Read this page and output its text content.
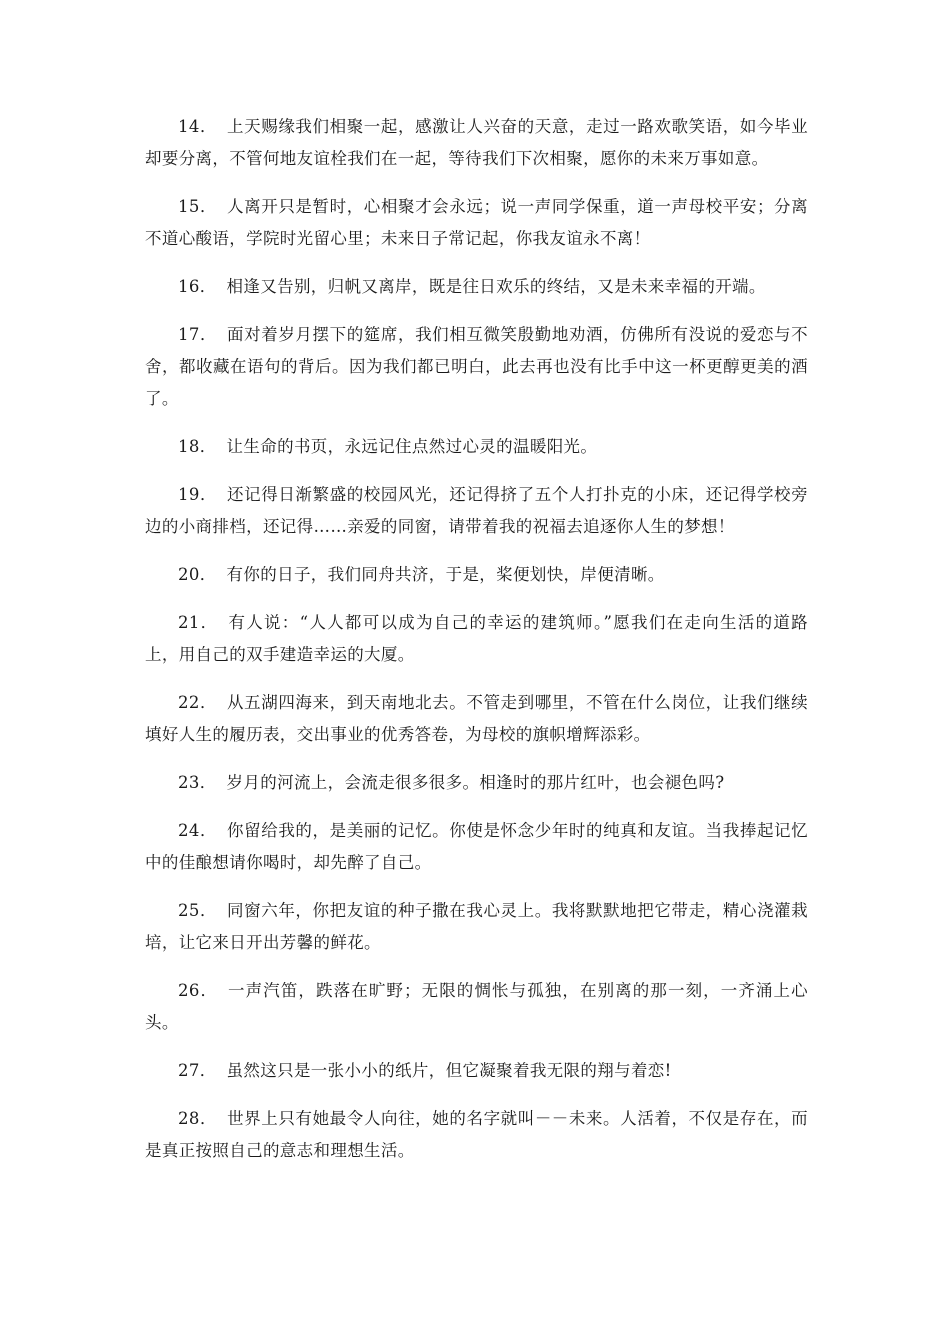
14． 上天赐缘我们相聚一起，感激让人兴奋的天意，走过一路欢歌笑语，如今毕业却要分离，不管何地友谊栓我们在一起，等待我们下次相聚，愿你的未来万事如意。

15． 人离开只是暂时，心相聚才会永远；说一声同学保重，道一声母校平安；分离不道心酸语，学院时光留心里；未来日子常记起，你我友谊永不离！

16． 相逢又告别，归帆又离岸，既是往日欢乐的终结，又是未来幸福的开端。

17． 面对着岁月摆下的筵席，我们相互微笑殷勤地劝酒，仿佛所有没说的爱恋与不舍，都收藏在语句的背后。因为我们都已明白，此去再也没有比手中这一杯更醇更美的酒了。

18． 让生命的书页，永远记住点然过心灵的温暖阳光。

19． 还记得日渐繁盛的校园风光，还记得挤了五个人打扑克的小床，还记得学校旁边的小商排档，还记得……亲爱的同窗，请带着我的祝福去追逐你人生的梦想！

20． 有你的日子，我们同舟共济，于是，桨便划快，岸便清晰。

21． 有人说：“人人都可以成为自己的幸运的建筑师。”愿我们在走向生活的道路上，用自己的双手建造幸运的大厦。

22． 从五湖四海来，到天南地北去。不管走到哪里，不管在什么岗位，让我们继续填好人生的履历表，交出事业的优秀答卷，为母校的旗帜增辉添彩。

23． 岁月的河流上，会流走很多很多。相逢时的那片红叶，也会褪色吗?

24． 你留给我的，是美丽的记忆。你使是怀念少年时的纯真和友谊。当我捧起记忆中的佳酿想请你喝时，却先醉了自己。

25． 同窗六年，你把友谊的种子撒在我心灵上。我将默默地把它带走，精心浇灌栽培，让它来日开出芳馨的鲜花。

26． 一声汽笛，跌落在旷野；无限的惆怅与孤独，在别离的那一刻，一齐涌上心头。

27． 虽然这只是一张小小的纸片，但它凝聚着我无限的翔与着恋!

28． 世界上只有她最令人向往，她的名字就叫－－未来。人活着，不仅是存在，而是真正按照自己的意志和理想生活。
